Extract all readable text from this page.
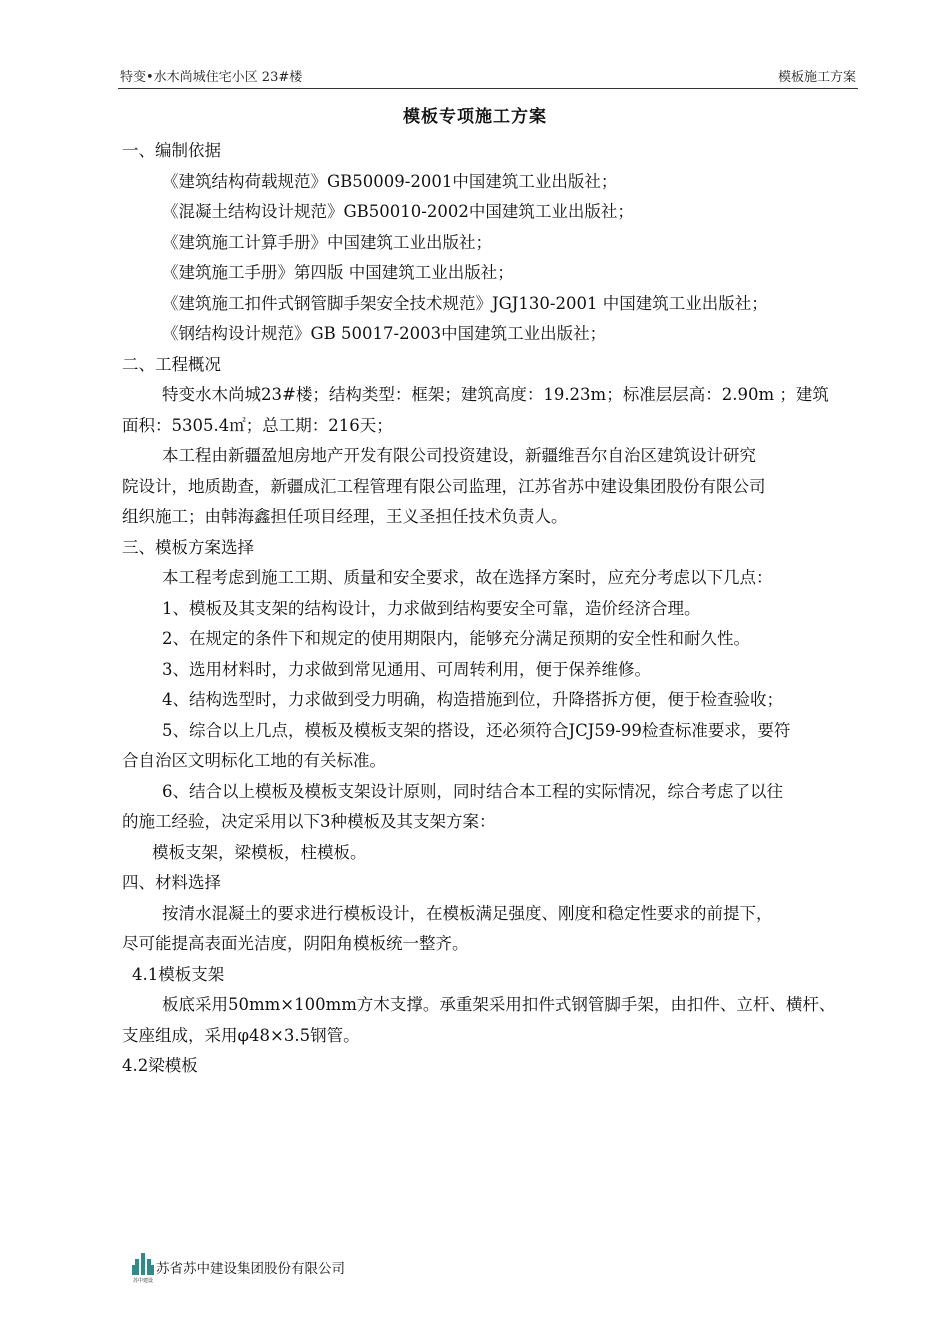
特变•水木尚城住宅小区 23#楼	模板施工方案
模板专项施工方案

一、编制依据

《建筑结构荷载规范》GB50009-2001中国建筑工业出版社；

《混凝土结构设计规范》GB50010-2002中国建筑工业出版社；

《建筑施工计算手册》中国建筑工业出版社；

《建筑施工手册》第四版 中国建筑工业出版社；

《建筑施工扣件式钢管脚手架安全技术规范》JGJ130-2001 中国建筑工业出版社；

《钢结构设计规范》GB 50017-2003中国建筑工业出版社；

二、工程概况

特变水木尚城23#楼；结构类型：框架；建筑高度：19.23m；标准层层高：2.90m ；建筑

面积：5305.4㎡；总工期：216天；

本工程由新疆盈旭房地产开发有限公司投资建设，新疆维吾尔自治区建筑设计研究

院设计，地质勘查，新疆成汇工程管理有限公司监理，江苏省苏中建设集团股份有限公司

组织施工；由韩海鑫担任项目经理，王义圣担任技术负责人。

三、模板方案选择

本工程考虑到施工工期、质量和安全要求，故在选择方案时，应充分考虑以下几点：

1、模板及其支架的结构设计，力求做到结构要安全可靠，造价经济合理。

2、在规定的条件下和规定的使用期限内，能够充分满足预期的安全性和耐久性。

3、选用材料时，力求做到常见通用、可周转利用，便于保养维修。

4、结构选型时，力求做到受力明确，构造措施到位，升降搭拆方便，便于检查验收；

5、综合以上几点，模板及模板支架的搭设，还必须符合JCJ59-99检查标准要求，要符

合自治区文明标化工地的有关标准。

6、结合以上模板及模板支架设计原则，同时结合本工程的实际情况，综合考虑了以往

的施工经验，决定采用以下3种模板及其支架方案：

模板支架，梁模板，柱模板。

四、材料选择

按清水混凝土的要求进行模板设计，在模板满足强度、刚度和稳定性要求的前提下，

尽可能提高表面光洁度，阴阳角模板统一整齐。

4.1模板支架

板底采用50mm×100mm方木支撑。承重架采用扣件式钢管脚手架，由扣件、立杆、横杆、

支座组成，采用φ48×3.5钢管。

4.2梁模板

苏中建设
苏省苏中建设集团股份有限公司
